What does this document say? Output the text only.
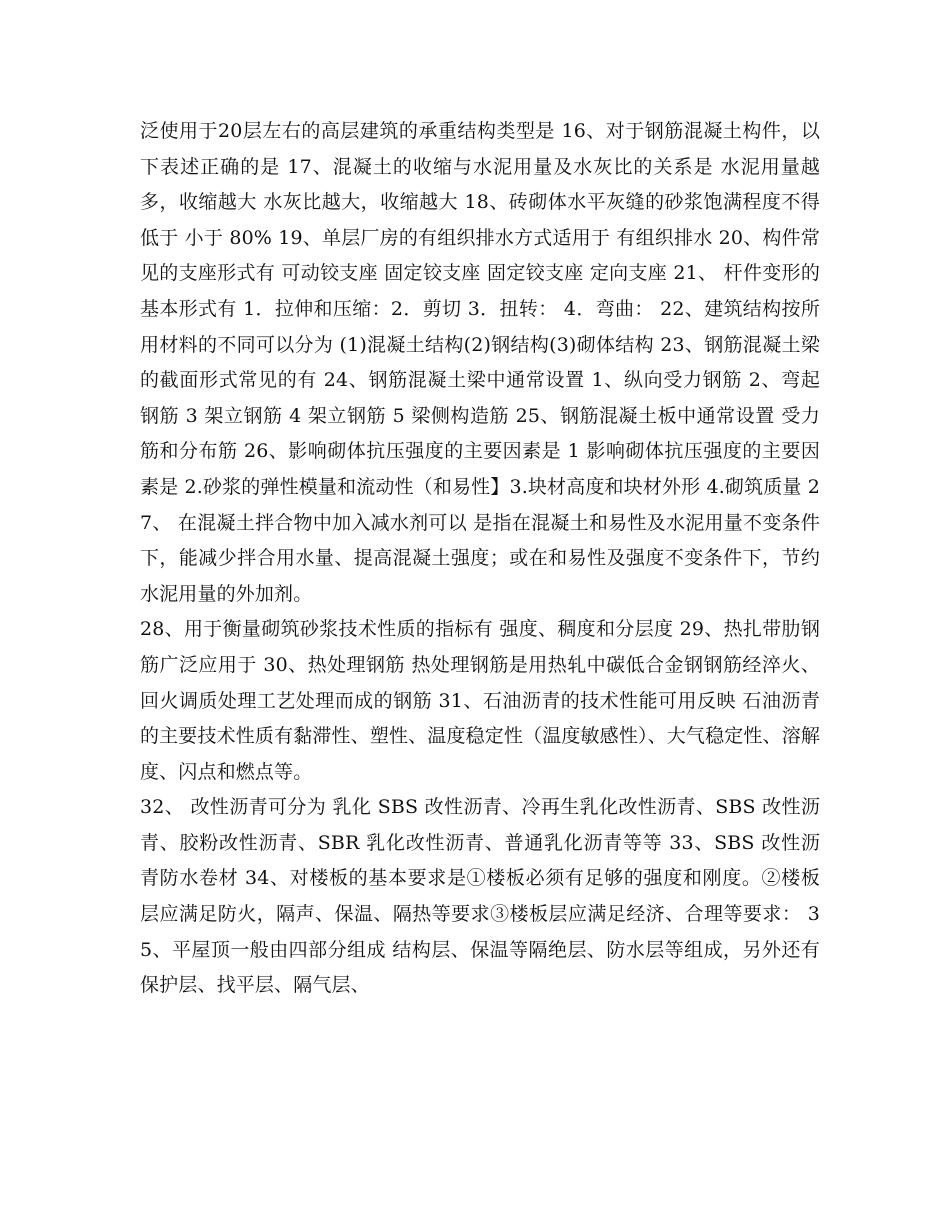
泛使用于20层左右的高层建筑的承重结构类型是 16、对于钢筋混凝土构件，以下表述正确的是 17、混凝土的收缩与水泥用量及水灰比的关系是 水泥用量越多，收缩越大 水灰比越大，收缩越大 18、砖砌体水平灰缝的砂浆饱满程度不得低于 小于 80% 19、单层厂房的有组织排水方式适用于 有组织排水 20、构件常见的支座形式有 可动铰支座 固定铰支座 固定铰支座 定向支座 21、 杆件变形的基本形式有 1．拉伸和压缩：2．剪切 3．扭转： 4．弯曲： 22、建筑结构按所用材料的不同可以分为 (1)混凝土结构(2)钢结构(3)砌体结构 23、钢筋混凝土梁的截面形式常见的有 24、钢筋混凝土梁中通常设置 1、纵向受力钢筋 2、弯起钢筋 3 架立钢筋 4 架立钢筋 5 梁侧构造筋 25、钢筋混凝土板中通常设置 受力筋和分布筋 26、影响砌体抗压强度的主要因素是 1 影响砌体抗压强度的主要因素是 2.砂浆的弹性模量和流动性（和易性】3.块材高度和块材外形 4.砌筑质量 27、 在混凝土拌合物中加入减水剂可以 是指在混凝土和易性及水泥用量不变条件下，能减少拌合用水量、提高混凝土强度；或在和易性及强度不变条件下，节约水泥用量的外加剂。

28、用于衡量砌筑砂浆技术性质的指标有 强度、稠度和分层度 29、热扎带肋钢筋广泛应用于 30、热处理钢筋 热处理钢筋是用热轧中碳低合金钢钢筋经淬火、回火调质处理工艺处理而成的钢筋 31、石油沥青的技术性能可用反映 石油沥青的主要技术性质有黏滞性、塑性、温度稳定性（温度敏感性）、大气稳定性、溶解度、闪点和燃点等。

32、 改性沥青可分为 乳化 SBS 改性沥青、冷再生乳化改性沥青、SBS 改性沥青、胶粉改性沥青、SBR 乳化改性沥青、普通乳化沥青等等 33、SBS 改性沥青防水卷材 34、对楼板的基本要求是①楼板必须有足够的强度和刚度。②楼板层应满足防火，隔声、保温、隔热等要求③楼板层应满足经济、合理等要求： 35、平屋顶一般由四部分组成 结构层、保温等隔绝层、防水层等组成，另外还有保护层、找平层、隔气层、
